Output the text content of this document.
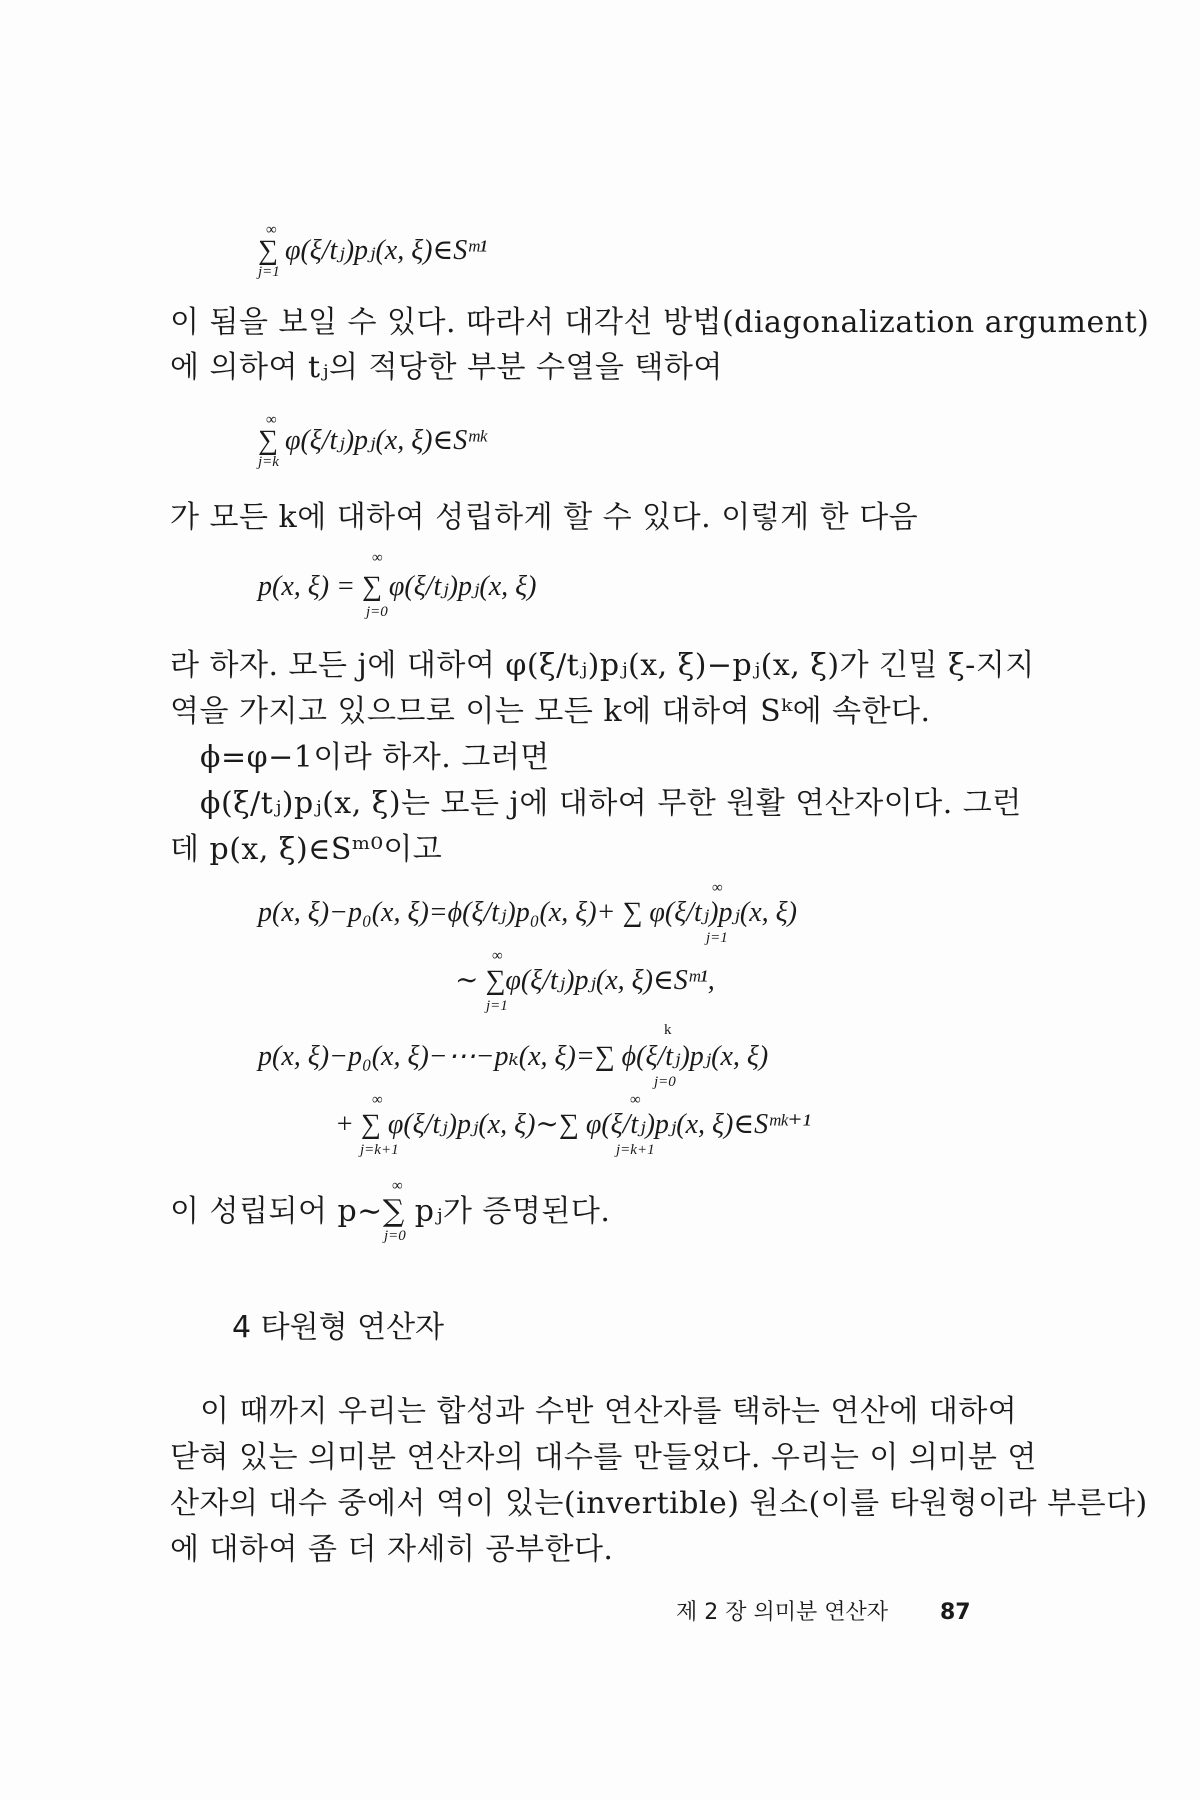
∞
∑ φ(ξ/tⱼ)pⱼ(x, ξ)∈Sᵐ¹
j=1
이 됨을 보일 수 있다. 따라서 대각선 방법(diagonalization argument)
에 의하여 tⱼ의 적당한 부분 수열을 택하여
∞
∑ φ(ξ/tⱼ)pⱼ(x, ξ)∈Sᵐᵏ
j=k
가 모든 k에 대하여 성립하게 할 수 있다. 이렇게 한 다음
∞
p(x, ξ) = ∑ φ(ξ/tⱼ)pⱼ(x, ξ)
j=0
라 하자. 모든 j에 대하여 φ(ξ/tⱼ)pⱼ(x, ξ)−pⱼ(x, ξ)가 긴밀 ξ-지지
역을 가지고 있으므로 이는 모든 k에 대하여 Sᵏ에 속한다.
ϕ=φ−1이라 하자. 그러면
ϕ(ξ/tⱼ)pⱼ(x, ξ)는 모든 j에 대하여 무한 원활 연산자이다. 그런
데 p(x, ξ)∈Sᵐ⁰이고
∞
p(x, ξ)−p₀(x, ξ)=ϕ(ξ/tⱼ)p₀(x, ξ)+ ∑ φ(ξ/tⱼ)pⱼ(x, ξ)
j=1
∞
∼ ∑φ(ξ/tⱼ)pⱼ(x, ξ)∈Sᵐ¹,
j=1
k
p(x, ξ)−p₀(x, ξ)−⋯−pₖ(x, ξ)=∑ ϕ(ξ/tⱼ)pⱼ(x, ξ)
j=0
∞	∞
+ ∑ φ(ξ/tⱼ)pⱼ(x, ξ)∼∑ φ(ξ/tⱼ)pⱼ(x, ξ)∈Sᵐᵏ⁺¹
j=k+1	j=k+1
∞
이 성립되어 p∼∑ pⱼ가 증명된다.
j=0
4 타원형 연산자
이 때까지 우리는 합성과 수반 연산자를 택하는 연산에 대하여
닫혀 있는 의미분 연산자의 대수를 만들었다. 우리는 이 의미분 연
산자의 대수 중에서 역이 있는(invertible) 원소(이를 타원형이라 부른다)
에 대하여 좀 더 자세히 공부한다.
제 2 장 의미분 연산자 87
